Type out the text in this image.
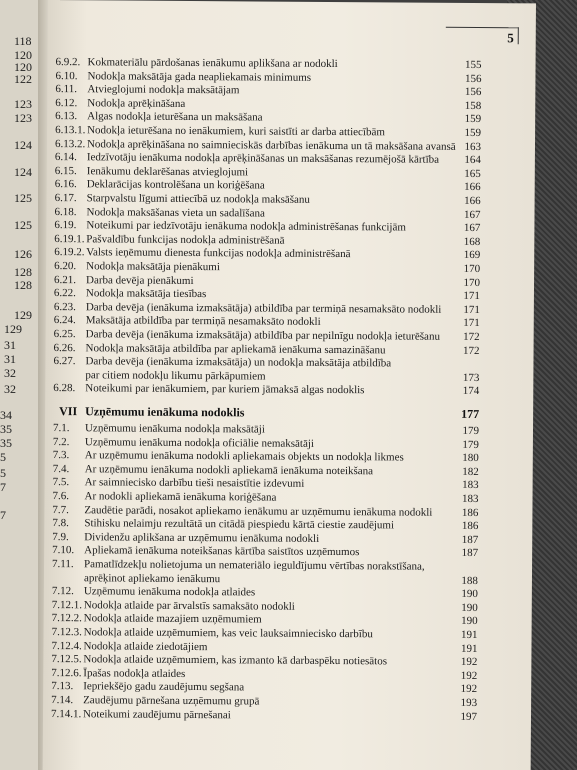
118
120
120
122
123
123
124
124
125
125
126
128
128
129
129
31
31
32
32
34
35
35
5
5
7
7
5
6.9.2. Kokmateriālu pārdošanas ienākumu aplikšana ar nodokli	155
6.10. Nodokļa maksātāja gada neapliekamais minimums	156
6.11. Atvieglojumi nodokļa maksātājam	156
6.12. Nodokļa aprēķināšana	158
6.13. Algas nodokļa ieturēšana un maksāšana	159
6.13.1. Nodokļa ieturēšana no ienākumiem, kuri saistīti ar darba attiecībām	159
6.13.2. Nodokļa aprēķināšana no saimnieciskās darbības ienākuma un tā maksāšana avansā 163
6.14. Iedzīvotāju ienākuma nodokļa aprēķināšanas un maksāšanas rezumējošā kārtība 164
6.15. Ienākumu deklarēšanas atvieglojumi	165
6.16. Deklarācijas kontrolēšana un koriģēšana	166
6.17. Starpvalstu līgumi attiecībā uz nodokļa maksāšanu	166
6.18. Nodokļa maksāšanas vieta un sadalīšana	167
6.19. Noteikumi par iedzīvotāju ienākuma nodokļa administrēšanas funkcijām	167
6.19.1. Pašvaldību funkcijas nodokļa administrēšanā	168
6.19.2. Valsts ieņēmumu dienesta funkcijas nodokļa administrēšanā	169
6.20. Nodokļa maksātāja pienākumi	170
6.21. Darba devēja pienākumi	170
6.22. Nodokļa maksātāja tiesības	171
6.23. Darba devēja (ienākuma izmaksātāja) atbildība par termiņā nesamaksāto nodokli 171
6.24. Maksātāja atbildība par termiņā nesamaksāto nodokli	171
6.25. Darba devēja (ienākuma izmaksātāja) atbildība par nepilnīgu nodokļa ieturēšanu 172
6.26. Nodokļa maksātāja atbildība par apliekamā ienākuma samazināšanu	172
6.27. Darba devēja (ienākuma izmaksātāja) un nodokļa maksātāja atbildība
par citiem nodokļu likumu pārkāpumiem	173
6.28. Noteikumi par ienākumiem, par kuriem jāmaksā algas nodoklis	174
VII Uzņēmumu ienākuma nodoklis	177
7.1. Uzņēmumu ienākuma nodokļa maksātāji	179
7.2. Uzņēmumu ienākuma nodokļa oficiālie nemaksātāji	179
7.3. Ar uzņēmumu ienākuma nodokli apliekamais objekts un nodokļa likmes	180
7.4. Ar uzņēmumu ienākuma nodokli apliekamā ienākuma noteikšana	182
7.5. Ar saimniecisko darbību tieši nesaistītie izdevumi	183
7.6. Ar nodokli apliekamā ienākuma koriģēšana	183
7.7. Zaudētie parādi, nosakot apliekamo ienākumu ar uzņēmumu ienākuma nodokli	186
7.8. Stihisku nelaimju rezultātā un citādā piespiedu kārtā ciestie zaudējumi	186
7.9. Dividenžu aplikšana ar uzņēmumu ienākuma nodokli	187
7.10. Apliekamā ienākuma noteikšanas kārtība saistītos uzņēmumos	187
7.11. Pamatlīdzekļu nolietojuma un nemateriālo ieguldījumu vērtības norakstīšana,
aprēķinot apliekamo ienākumu	188
7.12. Uzņēmumu ienākuma nodokļa atlaides	190
7.12.1. Nodokļa atlaide par ārvalstīs samaksāto nodokli	190
7.12.2. Nodokļa atlaide mazajiem uzņēmumiem	190
7.12.3. Nodokļa atlaide uzņēmumiem, kas veic lauksaimniecisko darbību	191
7.12.4. Nodokļa atlaide ziedotājiem	191
7.12.5. Nodokļa atlaide uzņēmumiem, kas izmanto kā darbaspēku notiesātos	192
7.12.6. Īpašas nodokļa atlaides	192
7.13. Iepriekšējo gadu zaudējumu segšana	192
7.14. Zaudējumu pārnešana uzņēmumu grupā	193
7.14.1. Noteikumi zaudējumu pārnešanai	197
